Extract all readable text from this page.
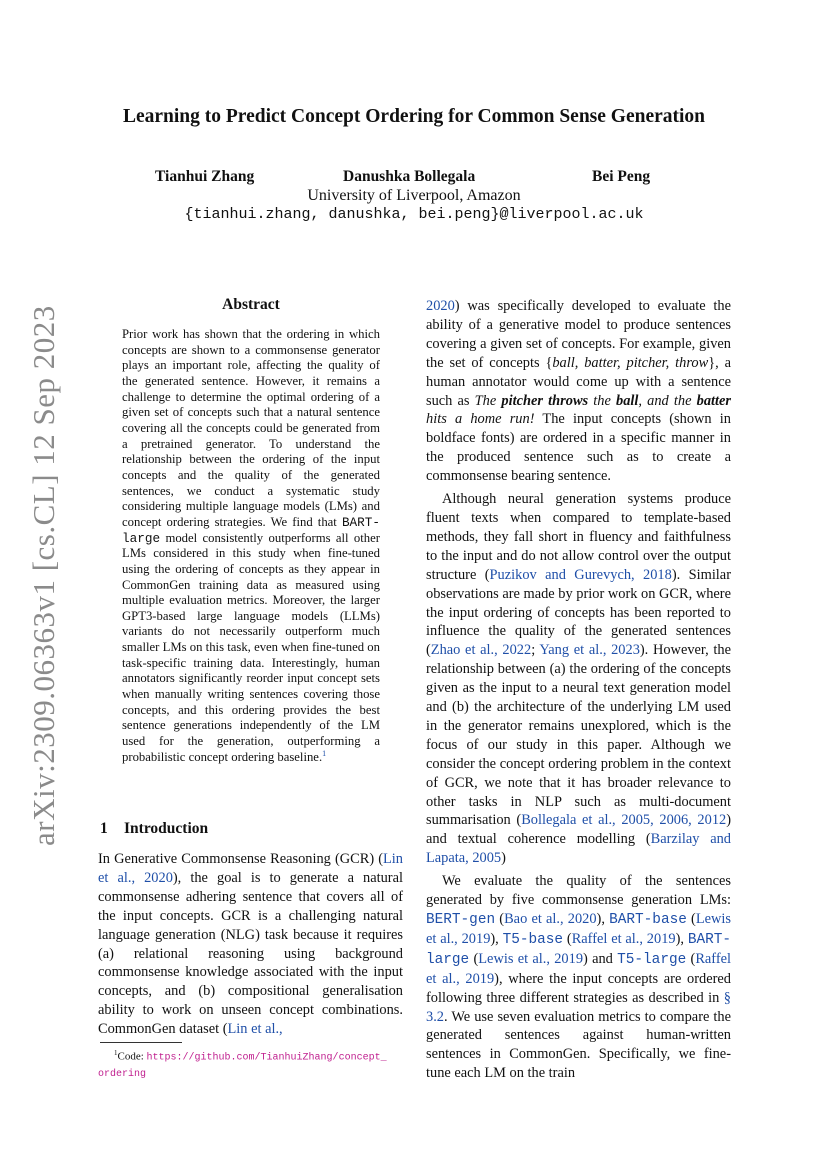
arXiv:2309.06363v1 [cs.CL] 12 Sep 2023
Learning to Predict Concept Ordering for Common Sense Generation
Tianhui Zhang	Danushka Bollegala	Bei Peng
University of Liverpool, Amazon
{tianhui.zhang, danushka, bei.peng}@liverpool.ac.uk
Abstract
Prior work has shown that the ordering in which concepts are shown to a commonsense generator plays an important role, affecting the quality of the generated sentence. However, it remains a challenge to determine the optimal ordering of a given set of concepts such that a natural sentence covering all the concepts could be generated from a pretrained generator. To understand the relationship between the ordering of the input concepts and the quality of the generated sentences, we conduct a systematic study considering multiple language models (LMs) and concept ordering strategies. We find that BART-large model consistently outperforms all other LMs considered in this study when fine-tuned using the ordering of concepts as they appear in CommonGen training data as measured using multiple evaluation metrics. Moreover, the larger GPT3-based large language models (LLMs) variants do not necessarily outperform much smaller LMs on this task, even when fine-tuned on task-specific training data. Interestingly, human annotators significantly reorder input concept sets when manually writing sentences covering those concepts, and this ordering provides the best sentence generations independently of the LM used for the generation, outperforming a probabilistic concept ordering baseline.$^1$
1 Introduction

In Generative Commonsense Reasoning (GCR) (Lin et al., 2020), the goal is to generate a natural commonsense adhering sentence that covers all of the input concepts. GCR is a challenging natural language generation (NLG) task because it requires (a) relational reasoning using background commonsense knowledge associated with the input concepts, and (b) compositional generalisation ability to work on unseen concept combinations. CommonGen dataset (Lin et al.,

$^1$Code: https://github.com/TianhuiZhang/concept_
ordering

2020) was specifically developed to evaluate the ability of a generative model to produce sentences covering a given set of concepts. For example, given the set of concepts {ball, batter, pitcher, throw}, a human annotator would come up with a sentence such as The pitcher throws the ball, and the batter hits a home run! The input concepts (shown in boldface fonts) are ordered in a specific manner in the produced sentence such as to create a commonsense bearing sentence.

Although neural generation systems produce fluent texts when compared to template-based methods, they fall short in fluency and faithfulness to the input and do not allow control over the output structure (Puzikov and Gurevych, 2018). Similar observations are made by prior work on GCR, where the input ordering of concepts has been reported to influence the quality of the generated sentences (Zhao et al., 2022; Yang et al., 2023). However, the relationship between (a) the ordering of the concepts given as the input to a neural text generation model and (b) the architecture of the underlying LM used in the generator remains unexplored, which is the focus of our study in this paper. Although we consider the concept ordering problem in the context of GCR, we note that it has broader relevance to other tasks in NLP such as multi-document summarisation (Bollegala et al., 2005, 2006, 2012) and textual coherence modelling (Barzilay and Lapata, 2005)

We evaluate the quality of the sentences generated by five commonsense generation LMs: BERT-gen (Bao et al., 2020), BART-base (Lewis et al., 2019), T5-base (Raffel et al., 2019), BART-large (Lewis et al., 2019) and T5-large (Raffel et al., 2019), where the input concepts are ordered following three different strategies as described in § 3.2. We use seven evaluation metrics to compare the generated sentences against human-written sentences in CommonGen. Specifically, we fine-tune each LM on the train
